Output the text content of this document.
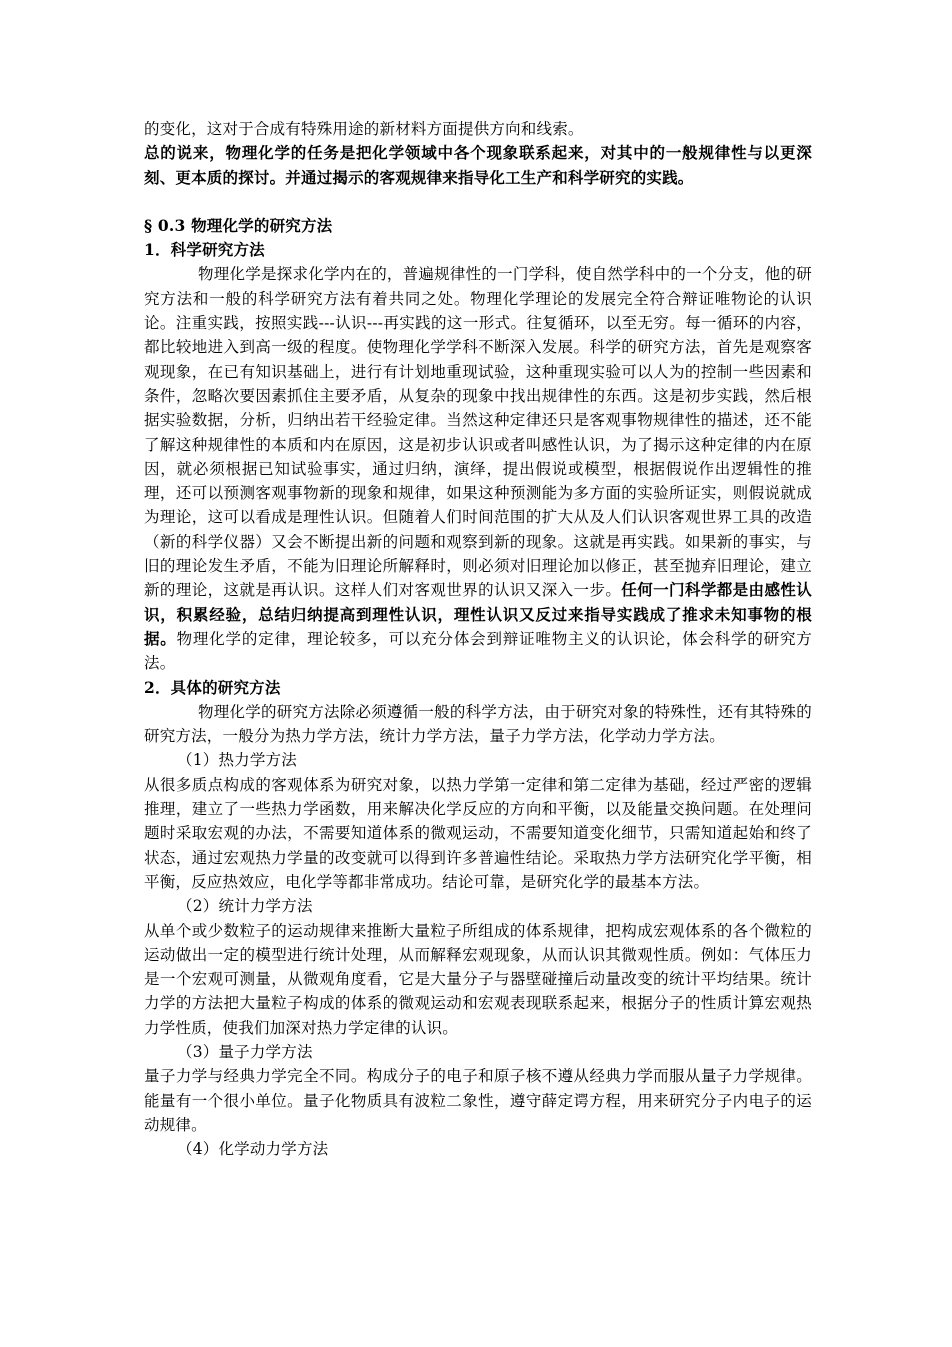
的变化，这对于合成有特殊用途的新材料方面提供方向和线索。

总的说来，物理化学的任务是把化学领域中各个现象联系起来，对其中的一般规律性与以更深刻、更本质的探讨。并通过揭示的客观规律来指导化工生产和科学研究的实践。

§ 0.3 物理化学的研究方法

1．科学研究方法

物理化学是探求化学内在的，普遍规律性的一门学科，使自然学科中的一个分支，他的研究方法和一般的科学研究方法有着共同之处。物理化学理论的发展完全符合辩证唯物论的认识论。注重实践，按照实践---认识---再实践的这一形式。往复循环，以至无穷。每一循环的内容，都比较地进入到高一级的程度。使物理化学学科不断深入发展。科学的研究方法，首先是观察客观现象，在已有知识基础上，进行有计划地重现试验，这种重现实验可以人为的控制一些因素和条件，忽略次要因素抓住主要矛盾，从复杂的现象中找出规律性的东西。这是初步实践，然后根据实验数据，分析，归纳出若干经验定律。当然这种定律还只是客观事物规律性的描述，还不能了解这种规律性的本质和内在原因，这是初步认识或者叫感性认识，为了揭示这种定律的内在原因，就必须根据已知试验事实，通过归纳，演绎，提出假说或模型，根据假说作出逻辑性的推理，还可以预测客观事物新的现象和规律，如果这种预测能为多方面的实验所证实，则假说就成为理论，这可以看成是理性认识。但随着人们时间范围的扩大从及人们认识客观世界工具的改造（新的科学仪器）又会不断提出新的问题和观察到新的现象。这就是再实践。如果新的事实，与旧的理论发生矛盾，不能为旧理论所解释时，则必须对旧理论加以修正，甚至抛弃旧理论，建立新的理论，这就是再认识。这样人们对客观世界的认识又深入一步。任何一门科学都是由感性认识，积累经验，总结归纳提高到理性认识，理性认识又反过来指导实践成了推求未知事物的根据。物理化学的定律，理论较多，可以充分体会到辩证唯物主义的认识论，体会科学的研究方法。

2．具体的研究方法

物理化学的研究方法除必须遵循一般的科学方法，由于研究对象的特殊性，还有其特殊的研究方法，一般分为热力学方法，统计力学方法，量子力学方法，化学动力学方法。

（1）热力学方法

从很多质点构成的客观体系为研究对象，以热力学第一定律和第二定律为基础，经过严密的逻辑推理，建立了一些热力学函数，用来解决化学反应的方向和平衡，以及能量交换问题。在处理问题时采取宏观的办法，不需要知道体系的微观运动，不需要知道变化细节，只需知道起始和终了状态，通过宏观热力学量的改变就可以得到许多普遍性结论。采取热力学方法研究化学平衡，相平衡，反应热效应，电化学等都非常成功。结论可靠，是研究化学的最基本方法。

（2）统计力学方法

从单个或少数粒子的运动规律来推断大量粒子所组成的体系规律，把构成宏观体系的各个微粒的运动做出一定的模型进行统计处理，从而解释宏观现象，从而认识其微观性质。例如：气体压力是一个宏观可测量，从微观角度看，它是大量分子与器壁碰撞后动量改变的统计平均结果。统计力学的方法把大量粒子构成的体系的微观运动和宏观表现联系起来，根据分子的性质计算宏观热力学性质，使我们加深对热力学定律的认识。

（3）量子力学方法

量子力学与经典力学完全不同。构成分子的电子和原子核不遵从经典力学而服从量子力学规律。能量有一个很小单位。量子化物质具有波粒二象性，遵守薛定谔方程，用来研究分子内电子的运动规律。

（4）化学动力学方法
